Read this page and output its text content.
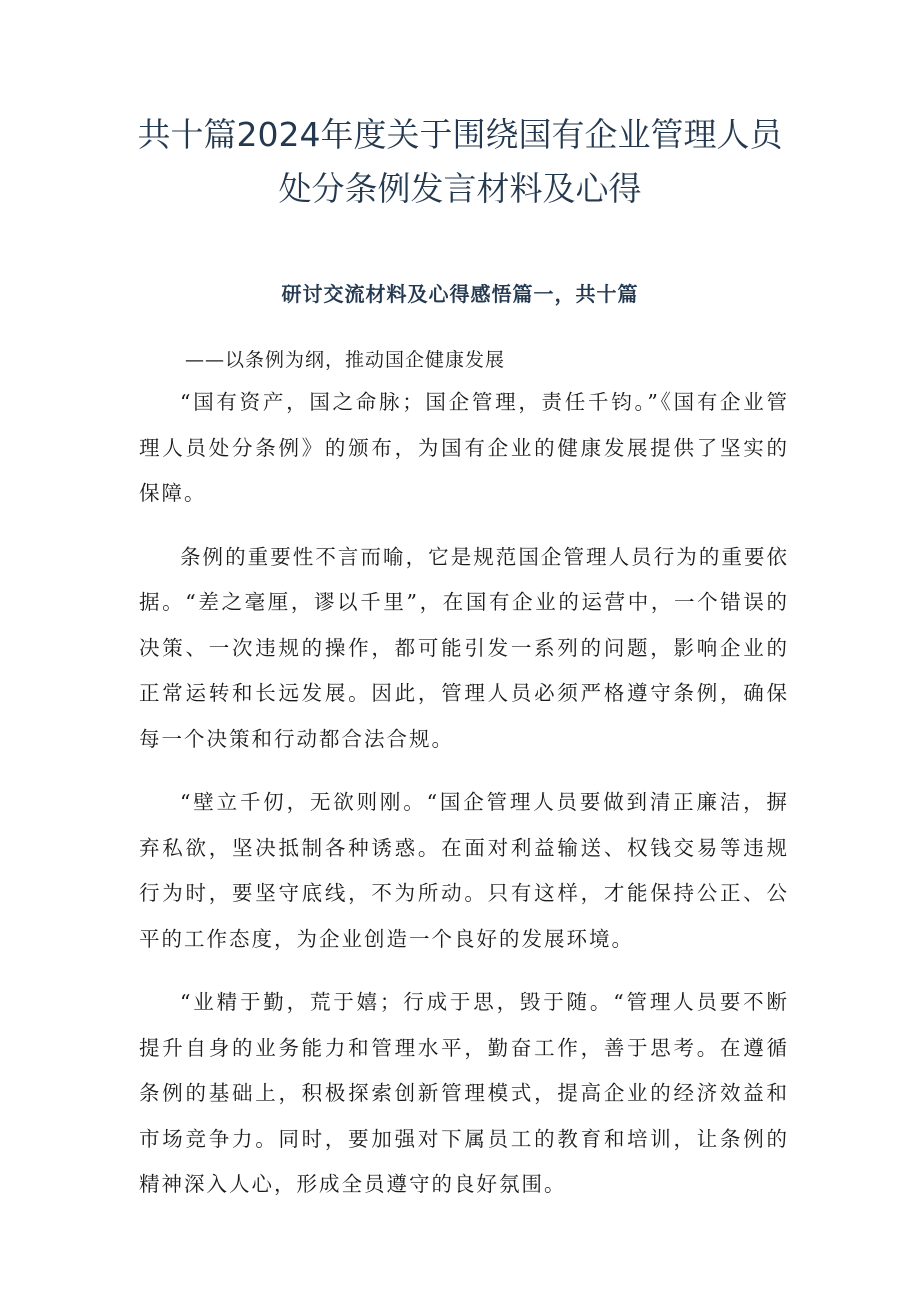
共十篇2024年度关于围绕国有企业管理人员处分条例发言材料及心得
研讨交流材料及心得感悟篇一，共十篇

——以条例为纲，推动国企健康发展

“国有资产，国之命脉；国企管理，责任千钧。”《国有企业管理人员处分条例》的颁布，为国有企业的健康发展提供了坚实的保障。

条例的重要性不言而喻，它是规范国企管理人员行为的重要依据。“差之毫厘，谬以千里”，在国有企业的运营中，一个错误的决策、一次违规的操作，都可能引发一系列的问题，影响企业的正常运转和长远发展。因此，管理人员必须严格遵守条例，确保每一个决策和行动都合法合规。

“壁立千仞，无欲则刚。“国企管理人员要做到清正廉洁，摒弃私欲，坚决抵制各种诱惑。在面对利益输送、权钱交易等违规行为时，要坚守底线，不为所动。只有这样，才能保持公正、公平的工作态度，为企业创造一个良好的发展环境。

“业精于勤，荒于嬉；行成于思，毁于随。“管理人员要不断提升自身的业务能力和管理水平，勤奋工作，善于思考。在遵循条例的基础上，积极探索创新管理模式，提高企业的经济效益和市场竞争力。同时，要加强对下属员工的教育和培训，让条例的精神深入人心，形成全员遵守的良好氛围。
